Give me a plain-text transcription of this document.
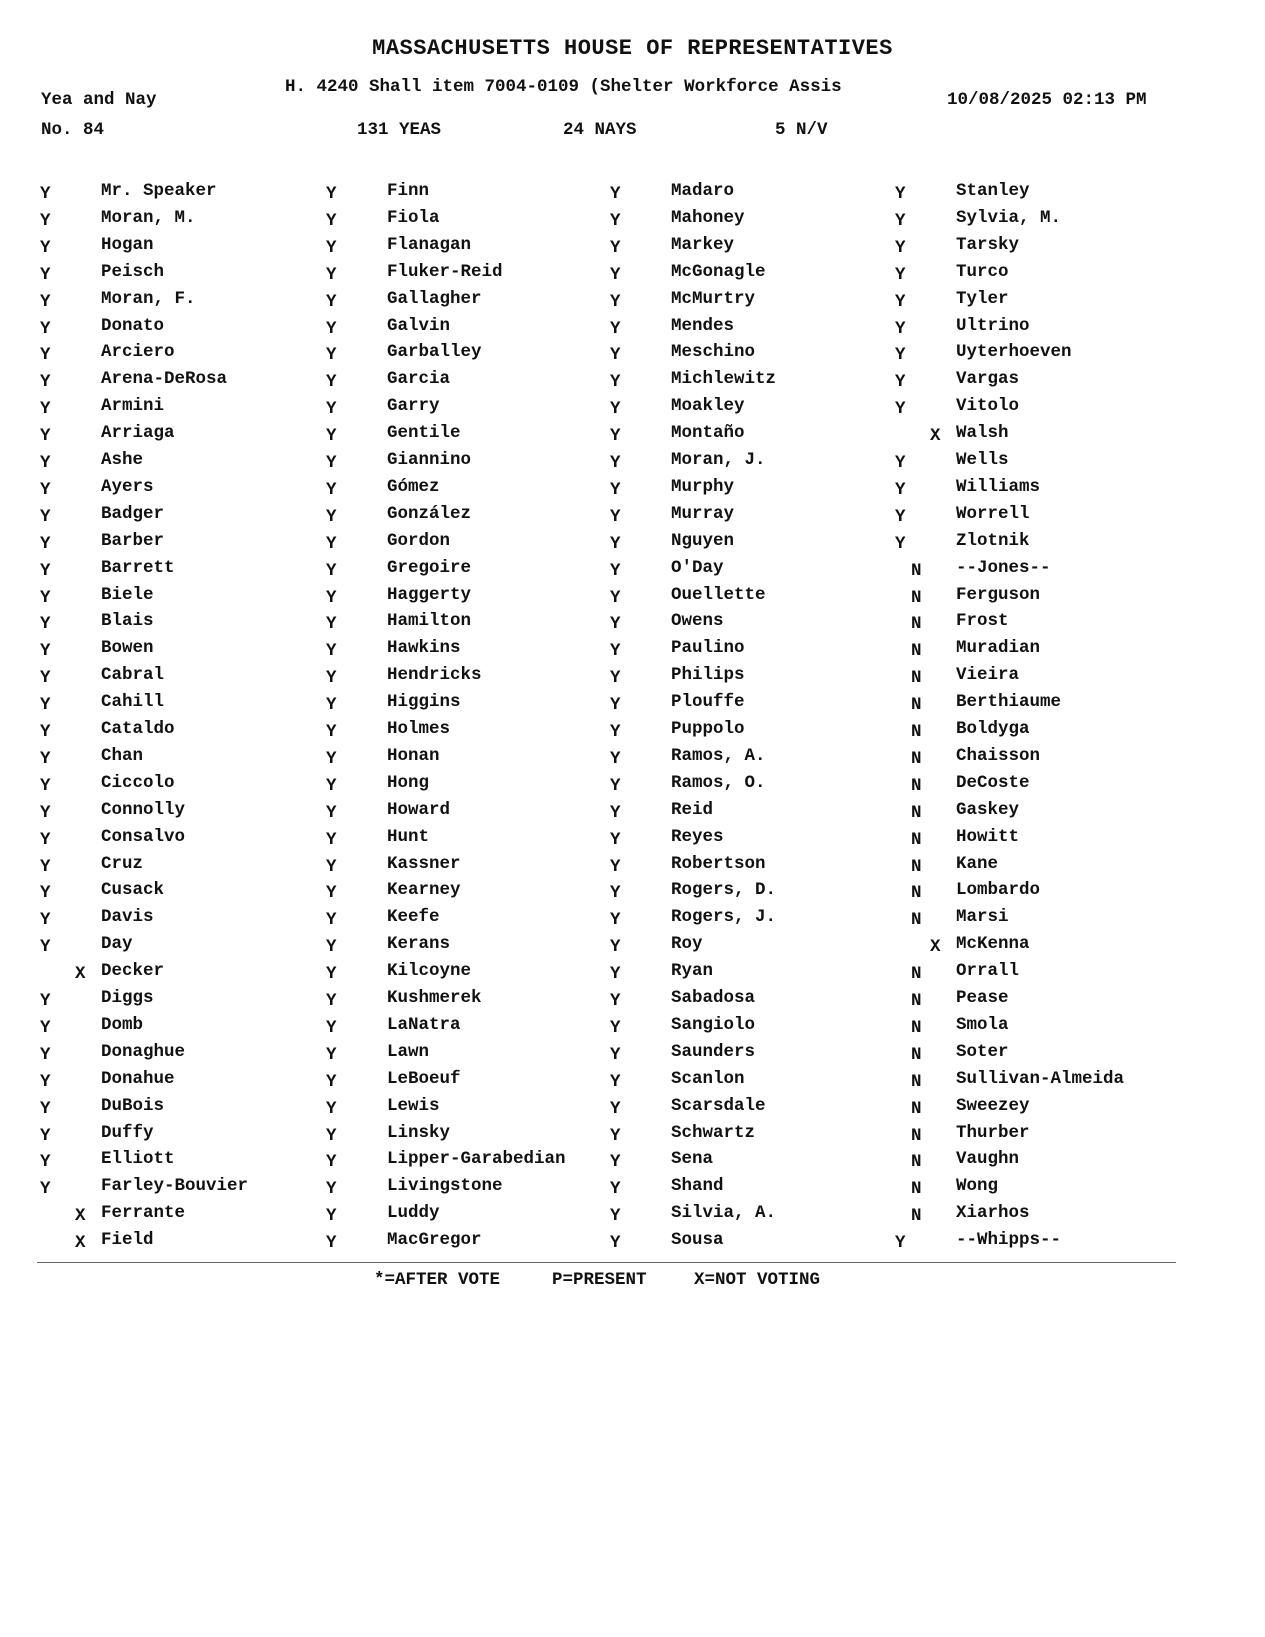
MASSACHUSETTS HOUSE OF REPRESENTATIVES
Yea and Nay
H. 4240 Shall item 7004-0109 (Shelter Workforce Assis
10/08/2025 02:13 PM
No. 84	131 YEAS	24 NAYS	5 N/V
Y	Mr. Speaker
Y	Moran, M.
Y	Hogan
Y	Peisch
Y	Moran, F.
Y	Donato
Y	Arciero
Y	Arena-DeRosa
Y	Armini
Y	Arriaga
Y	Ashe
Y	Ayers
Y	Badger
Y	Barber
Y	Barrett
Y	Biele
Y	Blais
Y	Bowen
Y	Cabral
Y	Cahill
Y	Cataldo
Y	Chan
Y	Ciccolo
Y	Connolly
Y	Consalvo
Y	Cruz
Y	Cusack
Y	Davis
Y	Day
X Decker
Y	Diggs
Y	Domb
Y	Donaghue
Y	Donahue
Y	DuBois
Y	Duffy
Y	Elliott
Y	Farley-Bouvier
X Ferrante
X Field
Y	Finn
Y	Fiola
Y	Flanagan
Y	Fluker-Reid
Y	Gallagher
Y	Galvin
Y	Garballey
Y	Garcia
Y	Garry
Y	Gentile
Y	Giannino
Y	Gómez
Y	González
Y	Gordon
Y	Gregoire
Y	Haggerty
Y	Hamilton
Y	Hawkins
Y	Hendricks
Y	Higgins
Y	Holmes
Y	Honan
Y	Hong
Y	Howard
Y	Hunt
Y	Kassner
Y	Kearney
Y	Keefe
Y	Kerans
Y	Kilcoyne
Y	Kushmerek
Y	LaNatra
Y	Lawn
Y	LeBoeuf
Y	Lewis
Y	Linsky
Y	Lipper-Garabedian
Y	Livingstone
Y	Luddy
Y	MacGregor
Y	Madaro
Y	Mahoney
Y	Markey
Y	McGonagle
Y	McMurtry
Y	Mendes
Y	Meschino
Y	Michlewitz
Y	Moakley
Y	Montaño
Y	Moran, J.
Y	Murphy
Y	Murray
Y	Nguyen
Y	O'Day
Y	Ouellette
Y	Owens
Y	Paulino
Y	Philips
Y	Plouffe
Y	Puppolo
Y	Ramos, A.
Y	Ramos, O.
Y	Reid
Y	Reyes
Y	Robertson
Y	Rogers, D.
Y	Rogers, J.
Y	Roy
Y	Ryan
Y	Sabadosa
Y	Sangiolo
Y	Saunders
Y	Scanlon
Y	Scarsdale
Y	Schwartz
Y	Sena
Y	Shand
Y	Silvia, A.
Y	Sousa
Y	Stanley
Y	Sylvia, M.
Y	Tarsky
Y	Turco
Y	Tyler
Y	Ultrino
Y	Uyterhoeven
Y	Vargas
Y	Vitolo
X Walsh
Y	Wells
Y	Williams
Y	Worrell
Y	Zlotnik
N --Jones--
N Ferguson
N Frost
N Muradian
N Vieira
N Berthiaume
N Boldyga
N Chaisson
N DeCoste
N Gaskey
N Howitt
N Kane
N Lombardo
N Marsi
X McKenna
N Orrall
N Pease
N Smola
N Soter
N Sullivan-Almeida
N Sweezey
N Thurber
N Vaughn
N Wong
N Xiarhos
Y	--Whipps--
*=AFTER VOTE	P=PRESENT	X=NOT VOTING
